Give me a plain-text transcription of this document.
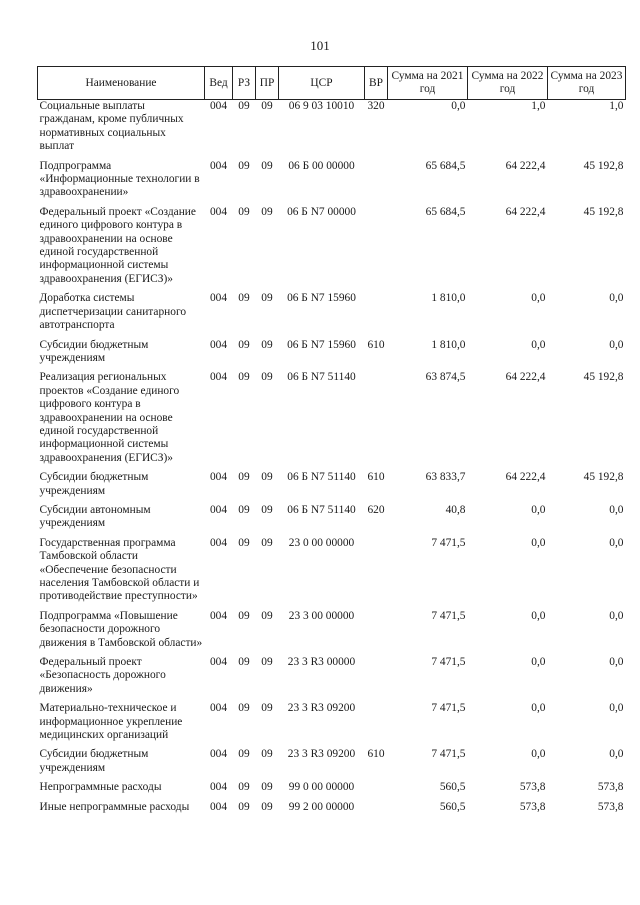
101
Наименование	Вед	РЗ	ПР	ЦСР	ВР	Сумма на 2021 год	Сумма на 2022 год	Сумма на 2023 год
Социальные выплаты гражданам, кроме публичных нормативных социальных выплат	004	09	09	06 9 03 10010	320	0,0	1,0	1,0
Подпрограмма «Информационные технологии в здравоохранении»	004	09	09	06 Б 00 00000		65 684,5	64 222,4	45 192,8
Федеральный проект «Создание единого цифрового контура в здравоохранении на основе единой государственной информационной системы здравоохранения (ЕГИСЗ)»	004	09	09	06 Б N7 00000		65 684,5	64 222,4	45 192,8
Доработка системы диспетчеризации санитарного автотранспорта	004	09	09	06 Б N7 15960		1 810,0	0,0	0,0
Субсидии бюджетным учреждениям	004	09	09	06 Б N7 15960	610	1 810,0	0,0	0,0
Реализация региональных проектов «Создание единого цифрового контура в здравоохранении на основе единой государственной информационной системы здравоохранения (ЕГИСЗ)»	004	09	09	06 Б N7 51140		63 874,5	64 222,4	45 192,8
Субсидии бюджетным учреждениям	004	09	09	06 Б N7 51140	610	63 833,7	64 222,4	45 192,8
Субсидии автономным учреждениям	004	09	09	06 Б N7 51140	620	40,8	0,0	0,0
Государственная программа Тамбовской области «Обеспечение безопасности населения Тамбовской области и противодействие преступности»	004	09	09	23 0 00 00000		7 471,5	0,0	0,0
Подпрограмма «Повышение безопасности дорожного движения в Тамбовской области»	004	09	09	23 3 00 00000		7 471,5	0,0	0,0
Федеральный проект «Безопасность дорожного движения»	004	09	09	23 3 R3 00000		7 471,5	0,0	0,0
Материально-техническое и информационное укрепление медицинских организаций	004	09	09	23 3 R3 09200		7 471,5	0,0	0,0
Субсидии бюджетным учреждениям	004	09	09	23 3 R3 09200	610	7 471,5	0,0	0,0
Непрограммные расходы	004	09	09	99 0 00 00000		560,5	573,8	573,8
Иные непрограммные расходы	004	09	09	99 2 00 00000		560,5	573,8	573,8
